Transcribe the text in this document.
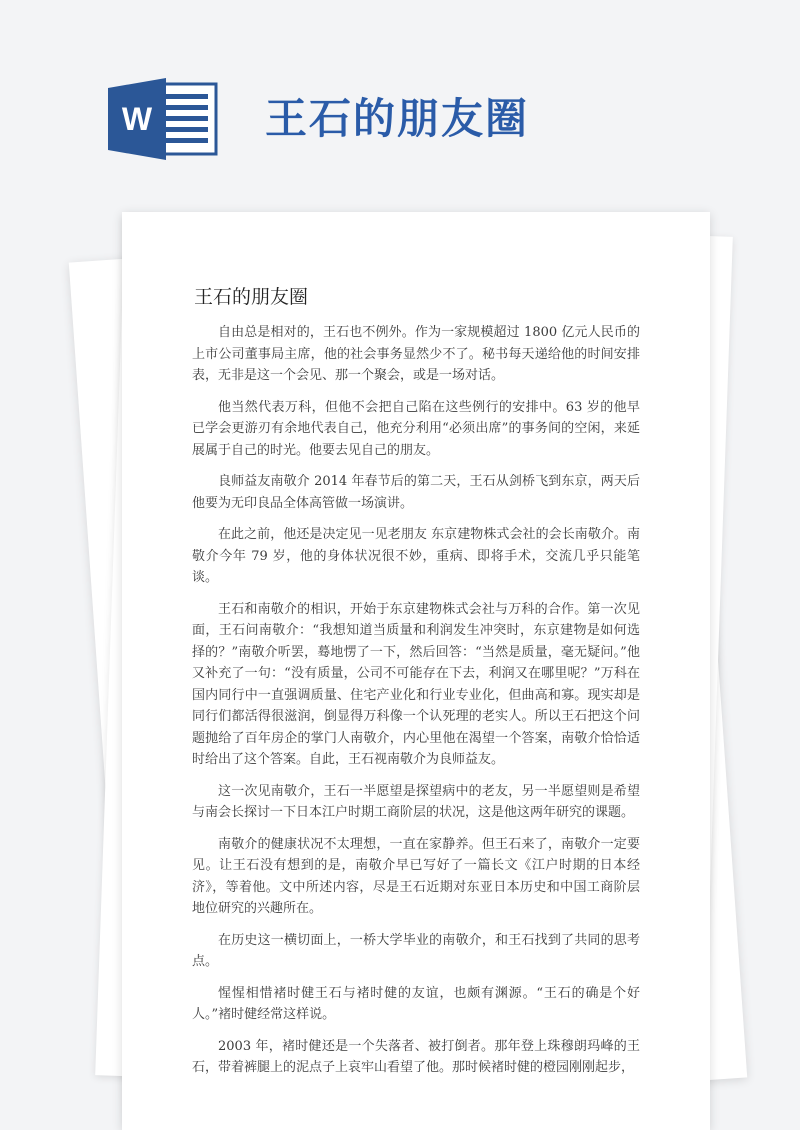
W	王石的朋友圈
王石的朋友圈

自由总是相对的，王石也不例外。作为一家规模超过 1800 亿元人民币的上市公司董事局主席，他的社会事务显然少不了。秘书每天递给他的时间安排表，无非是这一个会见、那一个聚会，或是一场对话。

他当然代表万科，但他不会把自己陷在这些例行的安排中。63 岁的他早已学会更游刃有余地代表自己，他充分利用“必须出席”的事务间的空闲，来延展属于自己的时光。他要去见自己的朋友。

良师益友南敬介 2014 年春节后的第二天，王石从剑桥飞到东京，两天后他要为无印良品全体高管做一场演讲。

在此之前，他还是决定见一见老朋友 东京建物株式会社的会长南敬介。南敬介今年 79 岁，他的身体状况很不妙，重病、即将手术，交流几乎只能笔谈。

王石和南敬介的相识，开始于东京建物株式会社与万科的合作。第一次见面，王石问南敬介：“我想知道当质量和利润发生冲突时，东京建物是如何选择的？”南敬介听罢，蓦地愣了一下，然后回答：“当然是质量，毫无疑问。”他又补充了一句：“没有质量，公司不可能存在下去，利润又在哪里呢？”万科在国内同行中一直强调质量、住宅产业化和行业专业化，但曲高和寡。现实却是同行们都活得很滋润，倒显得万科像一个认死理的老实人。所以王石把这个问题抛给了百年房企的掌门人南敬介，内心里他在渴望一个答案，南敬介恰恰适时给出了这个答案。自此，王石视南敬介为良师益友。

这一次见南敬介，王石一半愿望是探望病中的老友，另一半愿望则是希望与南会长探讨一下日本江户时期工商阶层的状况，这是他这两年研究的课题。

南敬介的健康状况不太理想，一直在家静养。但王石来了，南敬介一定要见。让王石没有想到的是，南敬介早已写好了一篇长文《江户时期的日本经济》，等着他。文中所述内容，尽是王石近期对东亚日本历史和中国工商阶层地位研究的兴趣所在。

在历史这一横切面上，一桥大学毕业的南敬介，和王石找到了共同的思考点。

惺惺相惜褚时健王石与褚时健的友谊，也颇有渊源。“王石的确是个好人。”褚时健经常这样说。

2003 年，褚时健还是一个失落者、被打倒者。那年登上珠穆朗玛峰的王石，带着裤腿上的泥点子上哀牢山看望了他。那时候褚时健的橙园刚刚起步，
